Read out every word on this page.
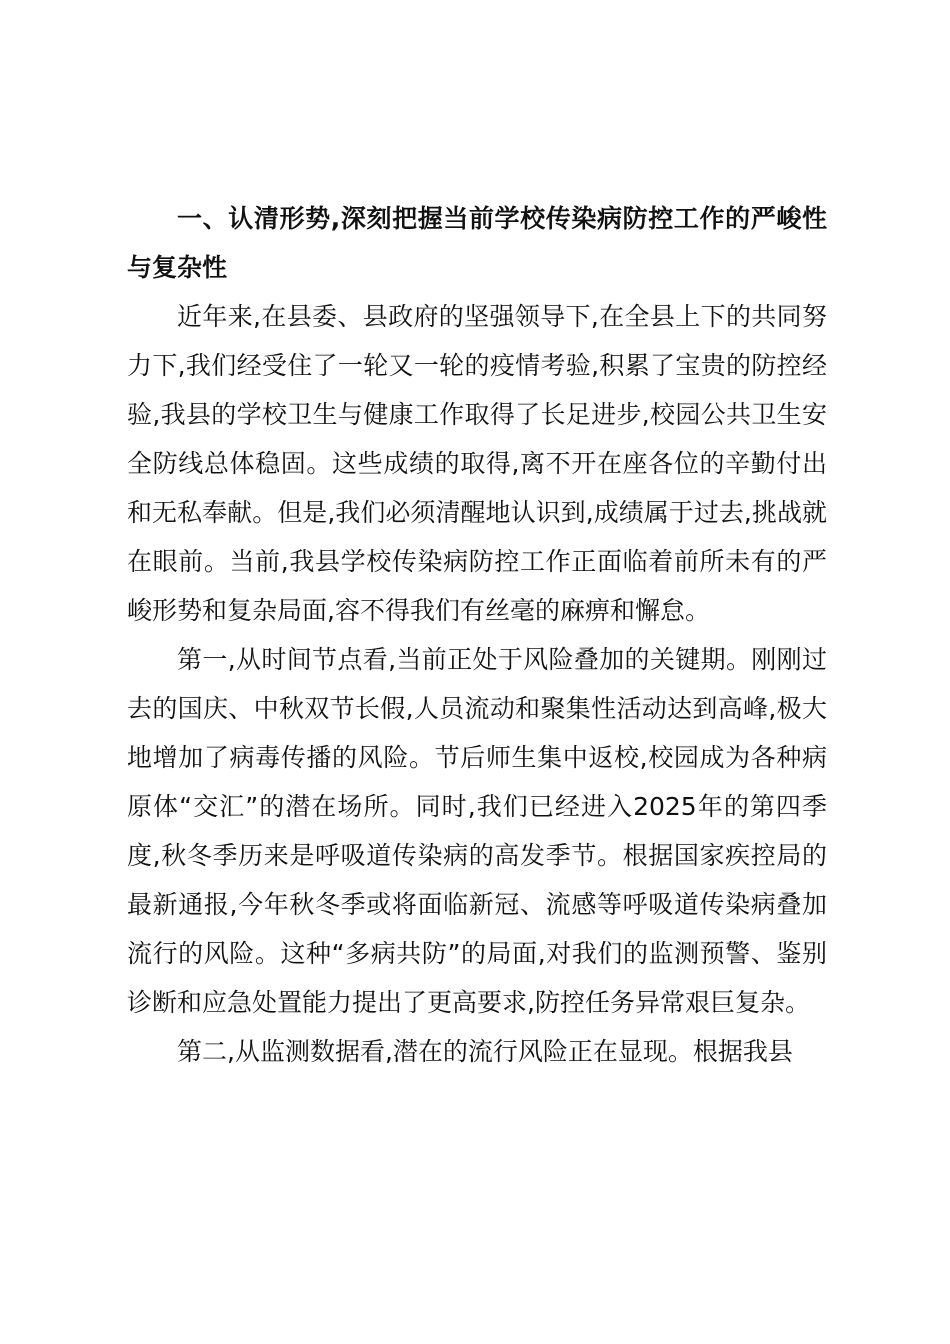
一、认清形势,深刻把握当前学校传染病防控工作的严峻性与复杂性

近年来,在县委、县政府的坚强领导下,在全县上下的共同努力下,我们经受住了一轮又一轮的疫情考验,积累了宝贵的防控经验,我县的学校卫生与健康工作取得了长足进步,校园公共卫生安全防线总体稳固。这些成绩的取得,离不开在座各位的辛勤付出和无私奉献。但是,我们必须清醒地认识到,成绩属于过去,挑战就在眼前。当前,我县学校传染病防控工作正面临着前所未有的严峻形势和复杂局面,容不得我们有丝毫的麻痹和懈怠。

第一,从时间节点看,当前正处于风险叠加的关键期。刚刚过去的国庆、中秋双节长假,人员流动和聚集性活动达到高峰,极大地增加了病毒传播的风险。节后师生集中返校,校园成为各种病原体“交汇”的潜在场所。同时,我们已经进入2025年的第四季度,秋冬季历来是呼吸道传染病的高发季节。根据国家疾控局的最新通报,今年秋冬季或将面临新冠、流感等呼吸道传染病叠加流行的风险。这种“多病共防”的局面,对我们的监测预警、鉴别诊断和应急处置能力提出了更高要求,防控任务异常艰巨复杂。

第二,从监测数据看,潜在的流行风险正在显现。根据我县
